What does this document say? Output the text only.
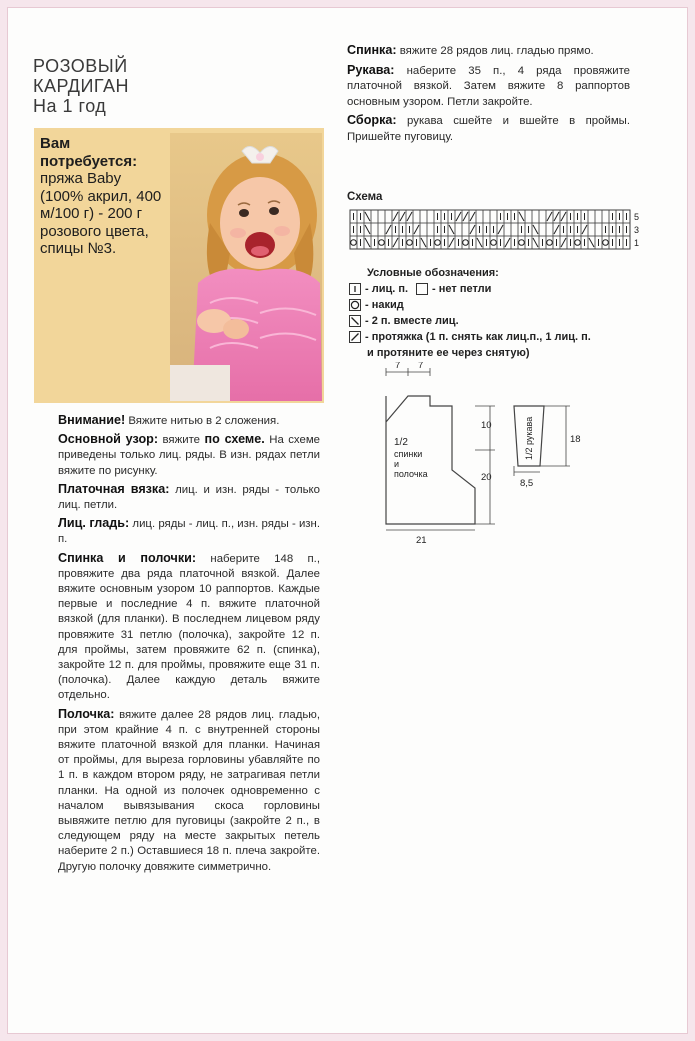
РОЗОВЫЙ
КАРДИГАН
На 1 год
Вам потребуется:
пряжа Baby (100% акрил, 400 м/100 г) - 200 г розового цвета, спицы №3.

Внимание! Вяжите нитью в 2 сложения.

Основной узор: вяжите по схеме. На схеме приведены только лиц. ряды. В изн. рядах петли вяжите по рисунку.

Платочная вязка: лиц. и изн. ряды - только лиц. петли.

Лиц. гладь: лиц. ряды - лиц. п., изн. ряды - изн. п.

Спинка и полочки: наберите 148 п., провяжите два ряда платочной вязкой. Далее вяжите основным узором 10 раппортов. Каждые первые и последние 4 п. вяжите платочной вязкой (для планки). В последнем лицевом ряду провяжите 31 петлю (полочка), закройте 12 п. для проймы, затем провяжите 62 п. (спинка), закройте 12 п. для проймы, провяжите еще 31 п. (полочка). Далее каждую деталь вяжите отдельно.

Полочка: вяжите далее 28 рядов лиц. гладью, при этом крайние 4 п. с внутренней стороны вяжите платочной вязкой для планки. Начиная от проймы, для выреза горловины убавляйте по 1 п. в каждом втором ряду, не затрагивая петли планки. На одной из полочек одновременно с началом вывязывания скоса горловины вывяжите петлю для пуговицы (закройте 2 п., в следующем ряду на месте закрытых петель наберите 2 п.) Оставшиеся 18 п. плеча закройте. Другую полочку довяжите симметрично.

Спинка: вяжите 28 рядов лиц. гладью прямо.

Рукава: наберите 35 п., 4 ряда провяжите платочной вязкой. Затем вяжите 8 раппортов основным узором. Петли закройте.

Сборка: рукава сшейте и вшейте в проймы. Пришейте пуговицу.

Схема
5
3
1
Условные обозначения:
- лиц. п. - нет петли
- накид
- 2 п. вместе лиц.
- протяжка (1 п. снять как лиц.п., 1 лиц. п.
и протяните ее через снятую)
7 7
10
20
21
1/2
спинки
и
полочка
18
8,5
1/2 рукава
